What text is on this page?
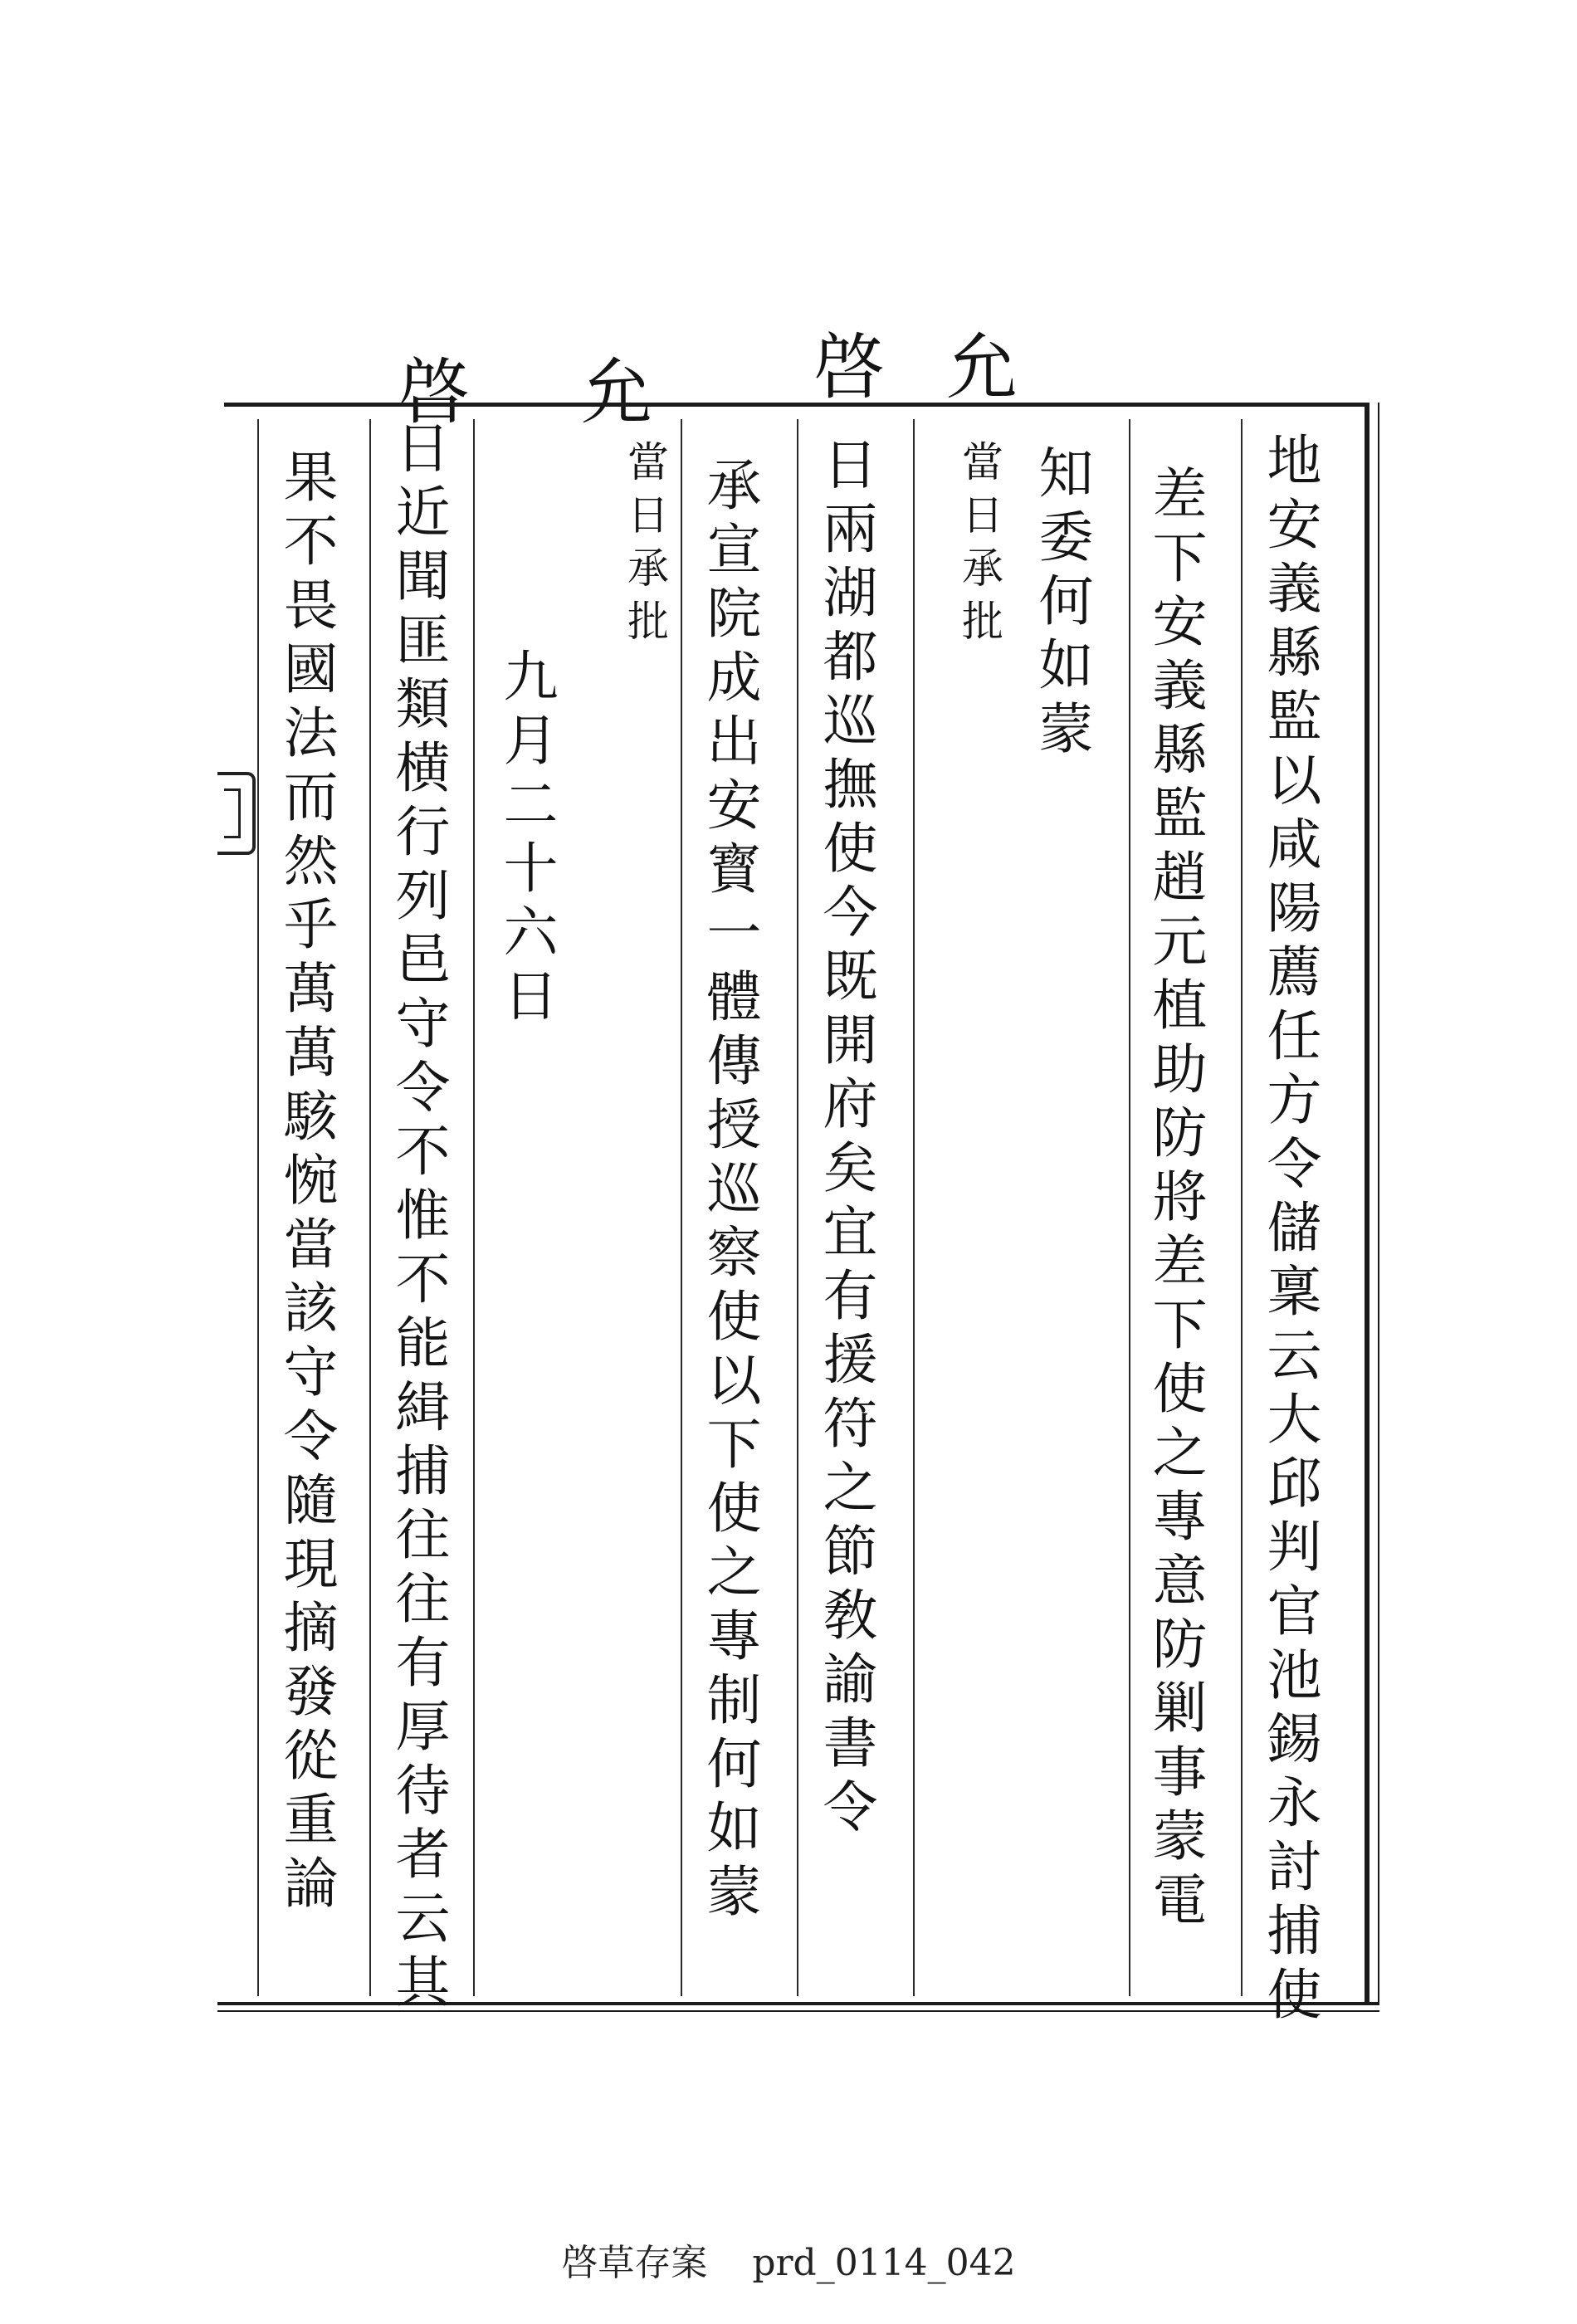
啓 允 啓 允
地安義縣監以咸陽薦任方令儲稟云大邱判官池錫永討捕使
差下安義縣監趙元植助防將差下使之專意防剿事蒙電
知委何如蒙
當日承批
日兩湖都巡撫使今既開府矣宜有援符之節敎諭書令
承宣院成出安寳一體傳授巡察使以下使之專制何如蒙
當日承批
九月二十六日
日近聞匪類横行列邑守令不惟不能緝捕往往有厚待者云其
果不畏國法而然乎萬萬駭惋當該守令隨現摘發從重論
啓草存案 prd_0114_042
